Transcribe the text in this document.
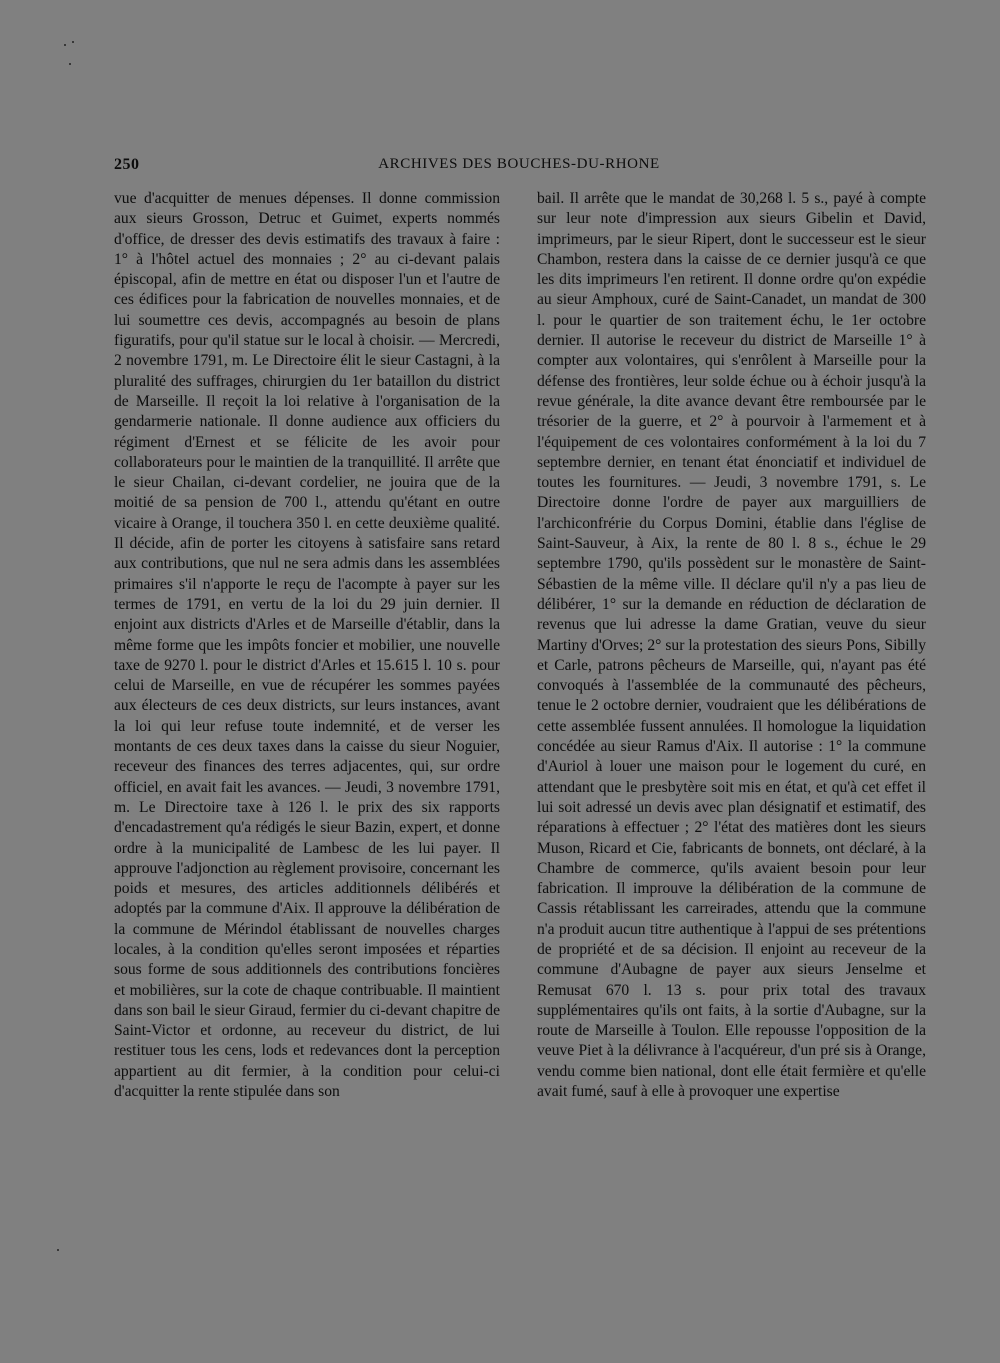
250	ARCHIVES DES BOUCHES-DU-RHONE

vue d'acquitter de menues dépenses. Il donne commission aux sieurs Grosson, Detruc et Guimet, experts nommés d'office, de dresser des devis estimatifs des travaux à faire : 1° à l'hôtel actuel des monnaies ; 2° au ci-devant palais épiscopal, afin de mettre en état ou disposer l'un et l'autre de ces édifices pour la fabrication de nouvelles monnaies, et de lui soumettre ces devis, accompagnés au besoin de plans figuratifs, pour qu'il statue sur le local à choisir. — Mercredi, 2 novembre 1791, m. Le Directoire élit le sieur Castagni, à la pluralité des suffrages, chirurgien du 1er bataillon du district de Marseille. Il reçoit la loi relative à l'organisation de la gendarmerie nationale. Il donne audience aux officiers du régiment d'Ernest et se félicite de les avoir pour collaborateurs pour le maintien de la tranquillité. Il arrête que le sieur Chailan, ci-devant cordelier, ne jouira que de la moitié de sa pension de 700 l., attendu qu'étant en outre vicaire à Orange, il touchera 350 l. en cette deuxième qualité. Il décide, afin de porter les citoyens à satisfaire sans retard aux contributions, que nul ne sera admis dans les assemblées primaires s'il n'apporte le reçu de l'acompte à payer sur les termes de 1791, en vertu de la loi du 29 juin dernier. Il enjoint aux districts d'Arles et de Marseille d'établir, dans la même forme que les impôts foncier et mobilier, une nouvelle taxe de 9270 l. pour le district d'Arles et 15.615 l. 10 s. pour celui de Marseille, en vue de récupérer les sommes payées aux électeurs de ces deux districts, sur leurs instances, avant la loi qui leur refuse toute indemnité, et de verser les montants de ces deux taxes dans la caisse du sieur Noguier, receveur des finances des terres adjacentes, qui, sur ordre officiel, en avait fait les avances. — Jeudi, 3 novembre 1791, m. Le Directoire taxe à 126 l. le prix des six rapports d'encadastrement qu'a rédigés le sieur Bazin, expert, et donne ordre à la municipalité de Lambesc de les lui payer. Il approuve l'adjonction au règlement provisoire, concernant les poids et mesures, des articles additionnels délibérés et adoptés par la commune d'Aix. Il approuve la délibération de la commune de Mérindol établissant de nouvelles charges locales, à la condition qu'elles seront imposées et réparties sous forme de sous additionnels des contributions foncières et mobilières, sur la cote de chaque contribuable. Il maintient dans son bail le sieur Giraud, fermier du ci-devant chapitre de Saint-Victor et ordonne, au receveur du district, de lui restituer tous les cens, lods et redevances dont la perception appartient au dit fermier, à la condition pour celui-ci d'acquitter la rente stipulée dans son

bail. Il arrête que le mandat de 30,268 l. 5 s., payé à compte sur leur note d'impression aux sieurs Gibelin et David, imprimeurs, par le sieur Ripert, dont le successeur est le sieur Chambon, restera dans la caisse de ce dernier jusqu'à ce que les dits imprimeurs l'en retirent. Il donne ordre qu'on expédie au sieur Amphoux, curé de Saint-Canadet, un mandat de 300 l. pour le quartier de son traitement échu, le 1er octobre dernier. Il autorise le receveur du district de Marseille 1° à compter aux volontaires, qui s'enrôlent à Marseille pour la défense des frontières, leur solde échue ou à échoir jusqu'à la revue générale, la dite avance devant être remboursée par le trésorier de la guerre, et 2° à pourvoir à l'armement et à l'équipement de ces volontaires conformément à la loi du 7 septembre dernier, en tenant état énonciatif et individuel de toutes les fournitures. — Jeudi, 3 novembre 1791, s. Le Directoire donne l'ordre de payer aux marguilliers de l'archiconfrérie du Corpus Domini, établie dans l'église de Saint-Sauveur, à Aix, la rente de 80 l. 8 s., échue le 29 septembre 1790, qu'ils possèdent sur le monastère de Saint-Sébastien de la même ville. Il déclare qu'il n'y a pas lieu de délibérer, 1° sur la demande en réduction de déclaration de revenus que lui adresse la dame Gratian, veuve du sieur Martiny d'Orves; 2° sur la protestation des sieurs Pons, Sibilly et Carle, patrons pêcheurs de Marseille, qui, n'ayant pas été convoqués à l'assemblée de la communauté des pêcheurs, tenue le 2 octobre dernier, voudraient que les délibérations de cette assemblée fussent annulées. Il homologue la liquidation concédée au sieur Ramus d'Aix. Il autorise : 1° la commune d'Auriol à louer une maison pour le logement du curé, en attendant que le presbytère soit mis en état, et qu'à cet effet il lui soit adressé un devis avec plan désignatif et estimatif, des réparations à effectuer ; 2° l'état des matières dont les sieurs Muson, Ricard et Cie, fabricants de bonnets, ont déclaré, à la Chambre de commerce, qu'ils avaient besoin pour leur fabrication. Il improuve la délibération de la commune de Cassis rétablissant les carreirades, attendu que la commune n'a produit aucun titre authentique à l'appui de ses prétentions de propriété et de sa décision. Il enjoint au receveur de la commune d'Aubagne de payer aux sieurs Jenselme et Remusat 670 l. 13 s. pour prix total des travaux supplémentaires qu'ils ont faits, à la sortie d'Aubagne, sur la route de Marseille à Toulon. Elle repousse l'opposition de la veuve Piet à la délivrance à l'acquéreur, d'un pré sis à Orange, vendu comme bien national, dont elle était fermière et qu'elle avait fumé, sauf à elle à provoquer une expertise
